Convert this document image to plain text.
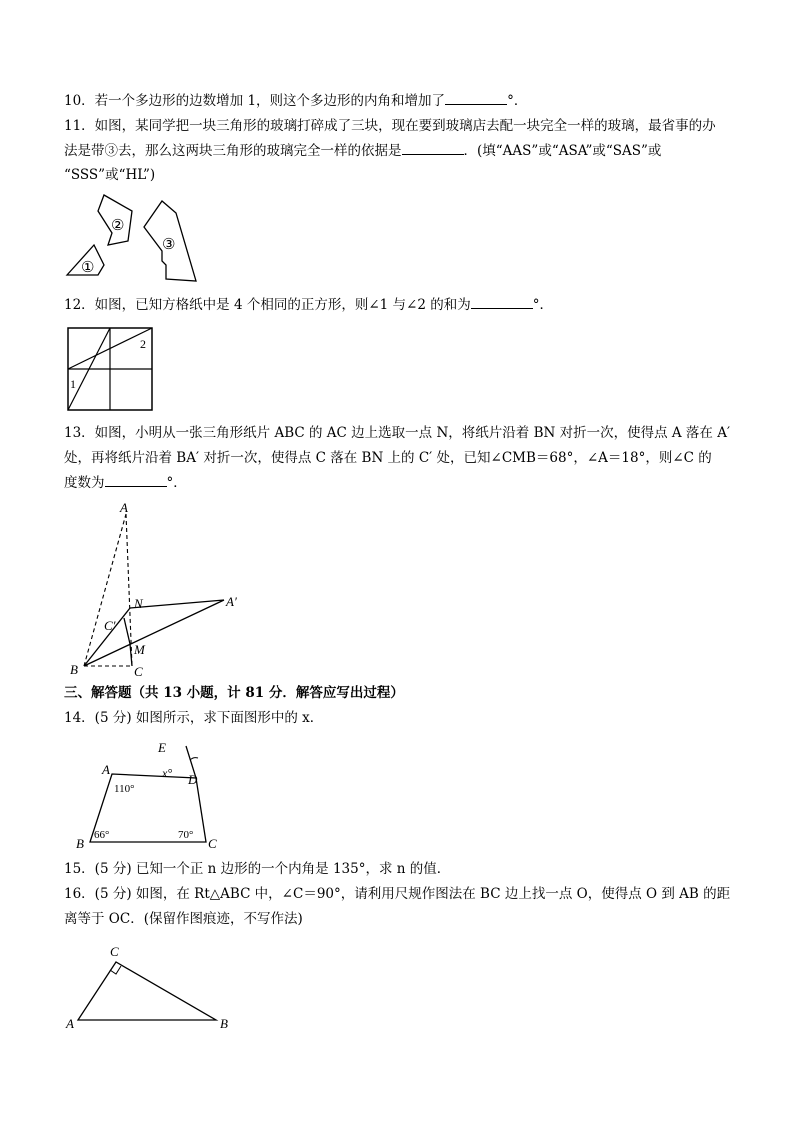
10．若一个多边形的边数增加 1，则这个多边形的内角和增加了	°．
11．如图，某同学把一块三角形的玻璃打碎成了三块，现在要到玻璃店去配一块完全一样的玻璃，最省事的办
法是带③去，那么这两块三角形的玻璃完全一样的依据是	．(填“AAS”或“ASA”或“SAS”或
“SSS”或“HL”)
①
②
③
12．如图，已知方格纸中是 4 个相同的正方形，则∠1 与∠2 的和为	°．
2
1
13．如图，小明从一张三角形纸片 ABC 的 AC 边上选取一点 N，将纸片沿着 BN 对折一次，使得点 A 落在 A′
处，再将纸片沿着 BA′ 对折一次，使得点 C 落在 BN 上的 C′ 处，已知∠CMB＝68°，∠A＝18°，则∠C 的
度数为	°．
A
N	A′
C′
M
B	C
三、解答题（共 13 小题，计 81 分．解答应写出过程）
14．(5 分) 如图所示，求下面图形中的 x．
E
A	x° D
110°
B
66°	70°
C
15．(5 分) 已知一个正 n 边形的一个内角是 135°，求 n 的值．
16．(5 分) 如图，在 Rt△ABC 中，∠C＝90°，请利用尺规作图法在 BC 边上找一点 O，使得点 O 到 AB 的距
离等于 OC．(保留作图痕迹，不写作法)
C
A	B
